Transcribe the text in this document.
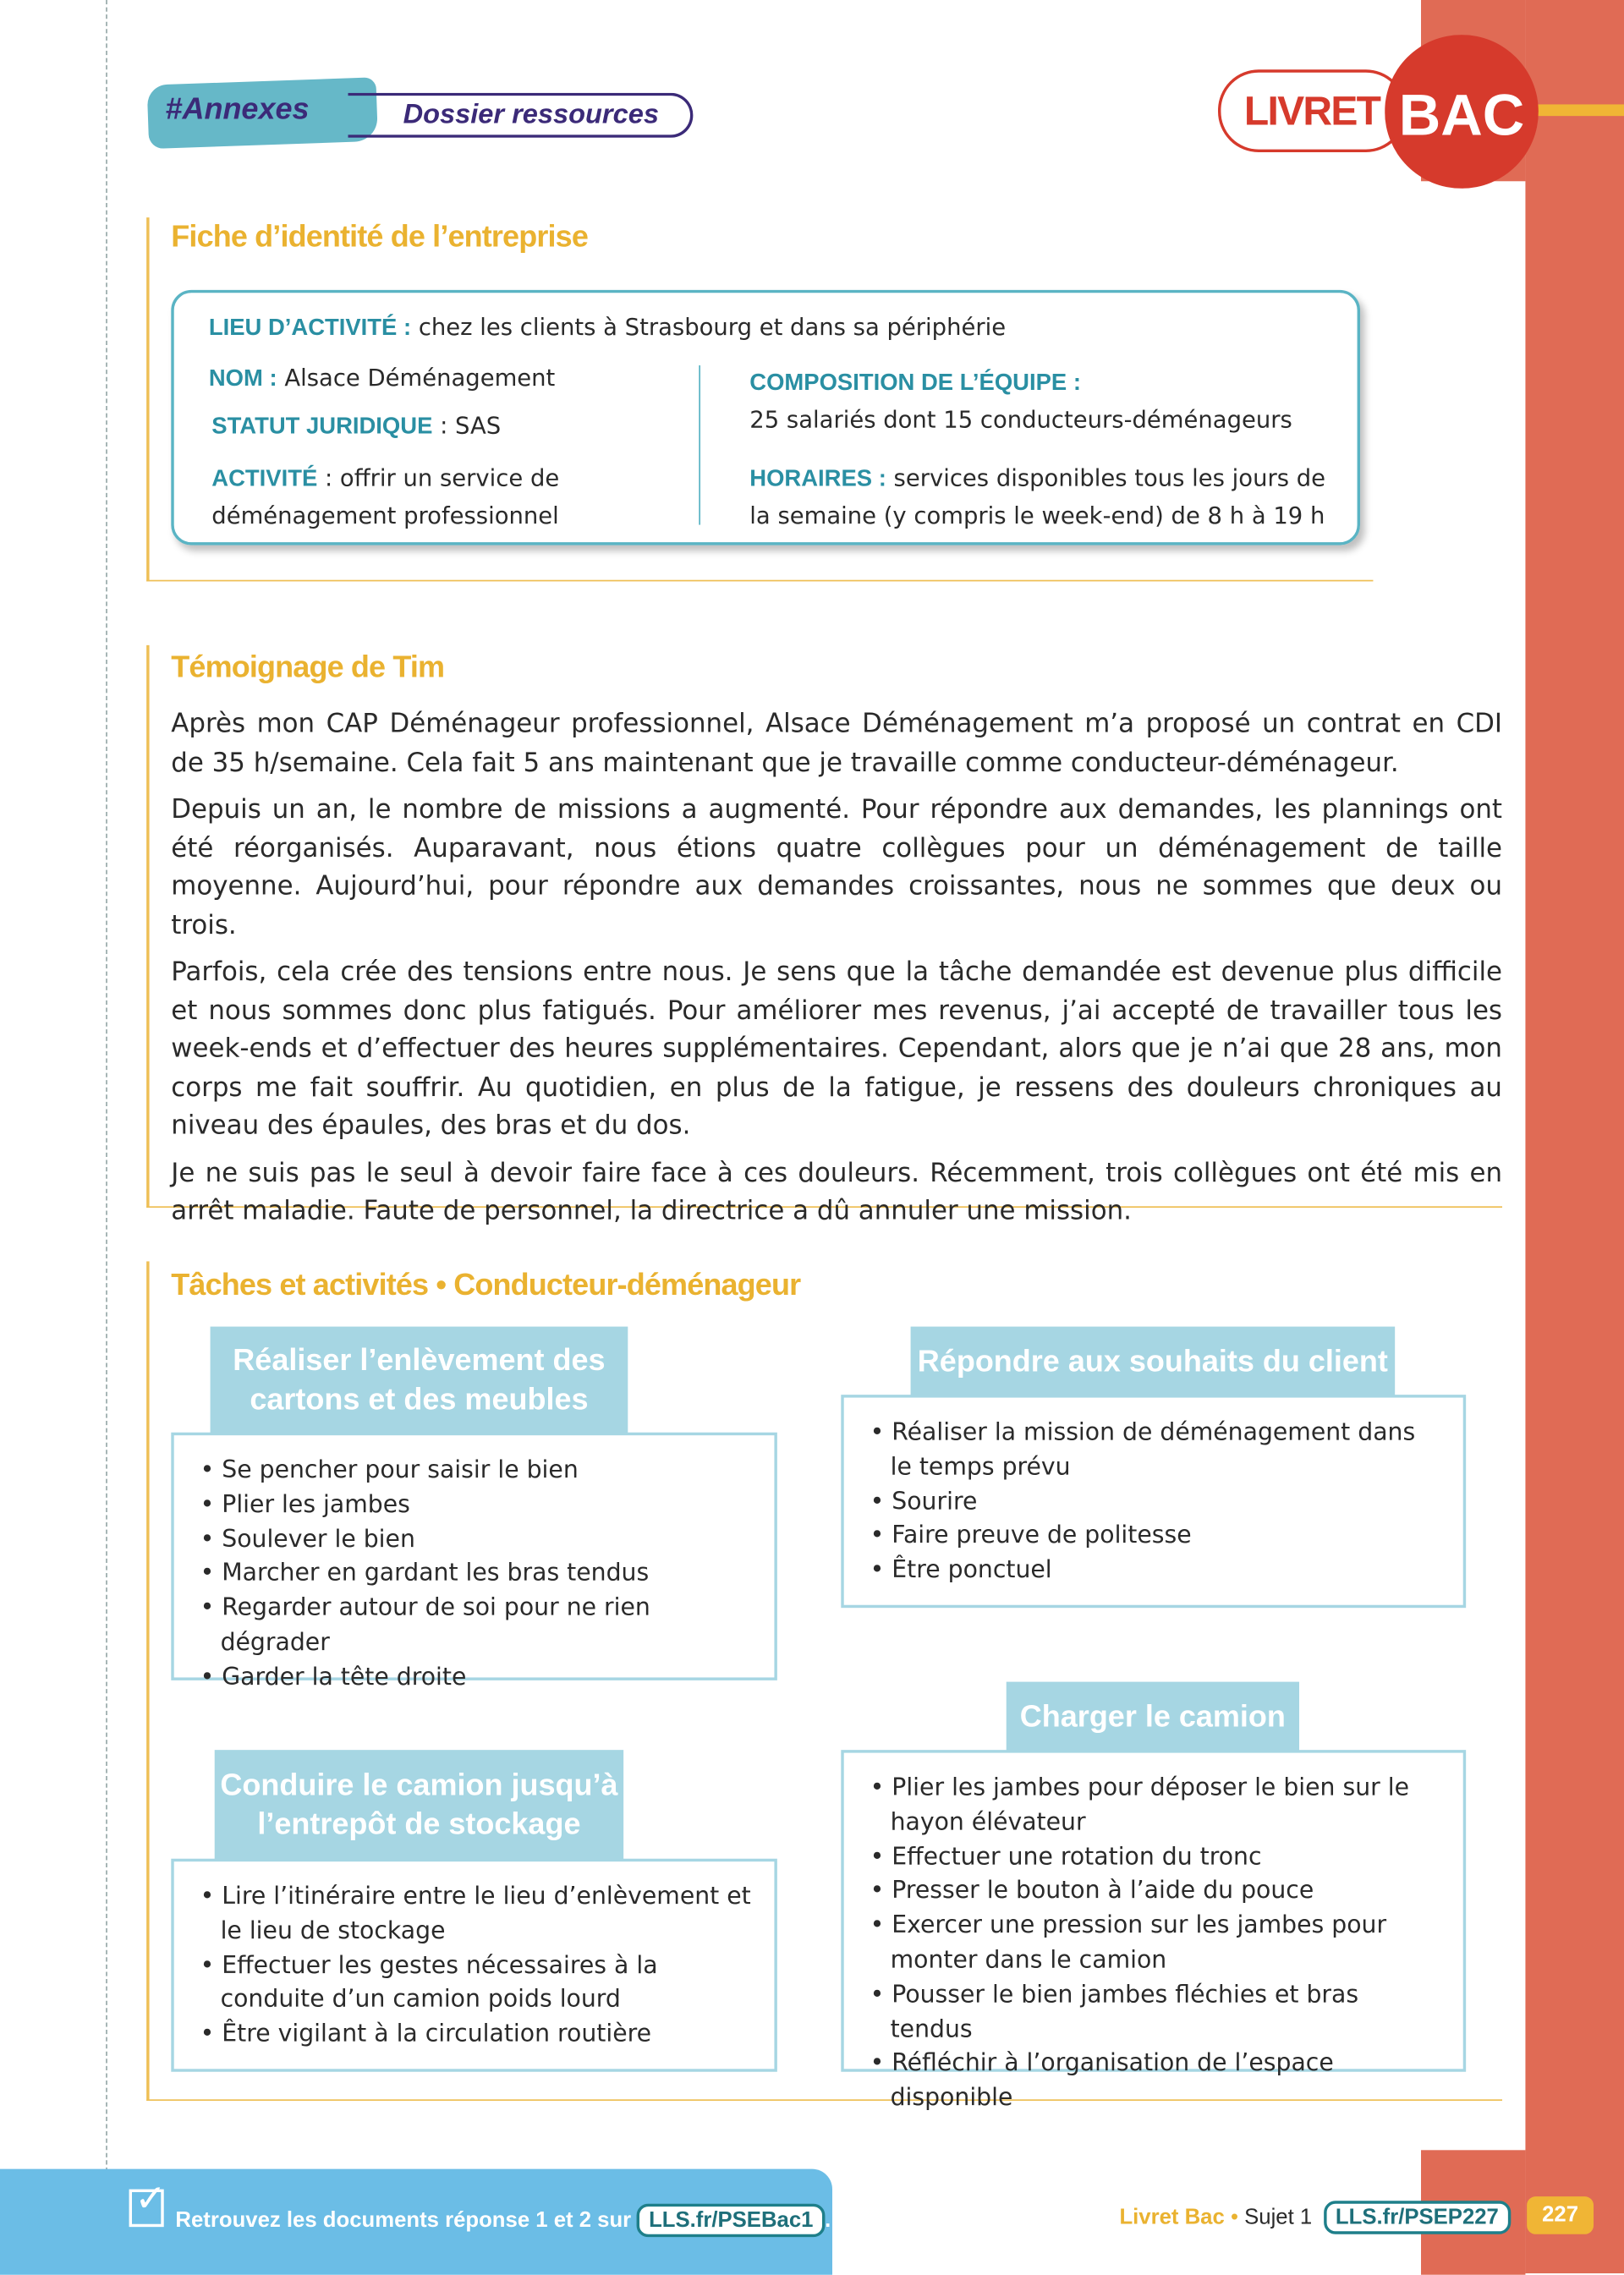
Dossier ressources
#Annexes	LIVRET BAC
Fiche d’identité de l’entreprise
LIEU D’ACTIVITÉ : chez les clients à Strasbourg et dans sa périphérie
NOM : Alsace Déménagement
STATUT JURIDIQUE : SAS
ACTIVITÉ : offrir un service de déménagement professionnel
COMPOSITION DE L’ÉQUIPE :
25 salariés dont 15 conducteurs-déménageurs
HORAIRES : services disponibles tous les jours de la semaine (y compris le week-end) de 8 h à 19 h
Témoignage de Tim

Après mon CAP Déménageur professionnel, Alsace Déménagement m’a proposé un contrat en CDI de 35 h/semaine. Cela fait 5 ans maintenant que je travaille comme conducteur-déménageur.

Depuis un an, le nombre de missions a augmenté. Pour répondre aux demandes, les plannings ont été réorganisés. Auparavant, nous étions quatre collègues pour un déménagement de taille moyenne. Aujourd’hui, pour répondre aux demandes croissantes, nous ne sommes que deux ou trois.

Parfois, cela crée des tensions entre nous. Je sens que la tâche demandée est devenue plus difficile et nous sommes donc plus fatigués. Pour améliorer mes revenus, j’ai accepté de travailler tous les week-ends et d’effectuer des heures supplémentaires. Cependant, alors que je n’ai que 28 ans, mon corps me fait souffrir. Au quotidien, en plus de la fatigue, je ressens des douleurs chroniques au niveau des épaules, des bras et du dos.

Je ne suis pas le seul à devoir faire face à ces douleurs. Récemment, trois collègues ont été mis en arrêt maladie. Faute de personnel, la directrice a dû annuler une mission.

Tâches et activités • Conducteur-déménageur
Réaliser l’enlèvement des cartons et des meubles
• Se pencher pour saisir le bien
• Plier les jambes
• Soulever le bien
• Marcher en gardant les bras tendus
• Regarder autour de soi pour ne rien dégrader
• Garder la tête droite
Répondre aux souhaits du client
• Réaliser la mission de déménagement dans le temps prévu
• Sourire
• Faire preuve de politesse
• Être ponctuel
Conduire le camion jusqu’à l’entrepôt de stockage
• Lire l’itinéraire entre le lieu d’enlèvement et le lieu de stockage
• Effectuer les gestes nécessaires à la conduite d’un camion poids lourd
• Être vigilant à la circulation routière
Charger le camion
• Plier les jambes pour déposer le bien sur le hayon élévateur
• Effectuer une rotation du tronc
• Presser le bouton à l’aide du pouce
• Exercer une pression sur les jambes pour monter dans le camion
• Pousser le bien jambes fléchies et bras tendus
• Réfléchir à l’organisation de l’espace disponible
✓ Retrouvez les documents réponse 1 et 2 sur LLS.fr/PSEBac1 .	Livret Bac • Sujet 1 LLS.fr/PSEP227	227
